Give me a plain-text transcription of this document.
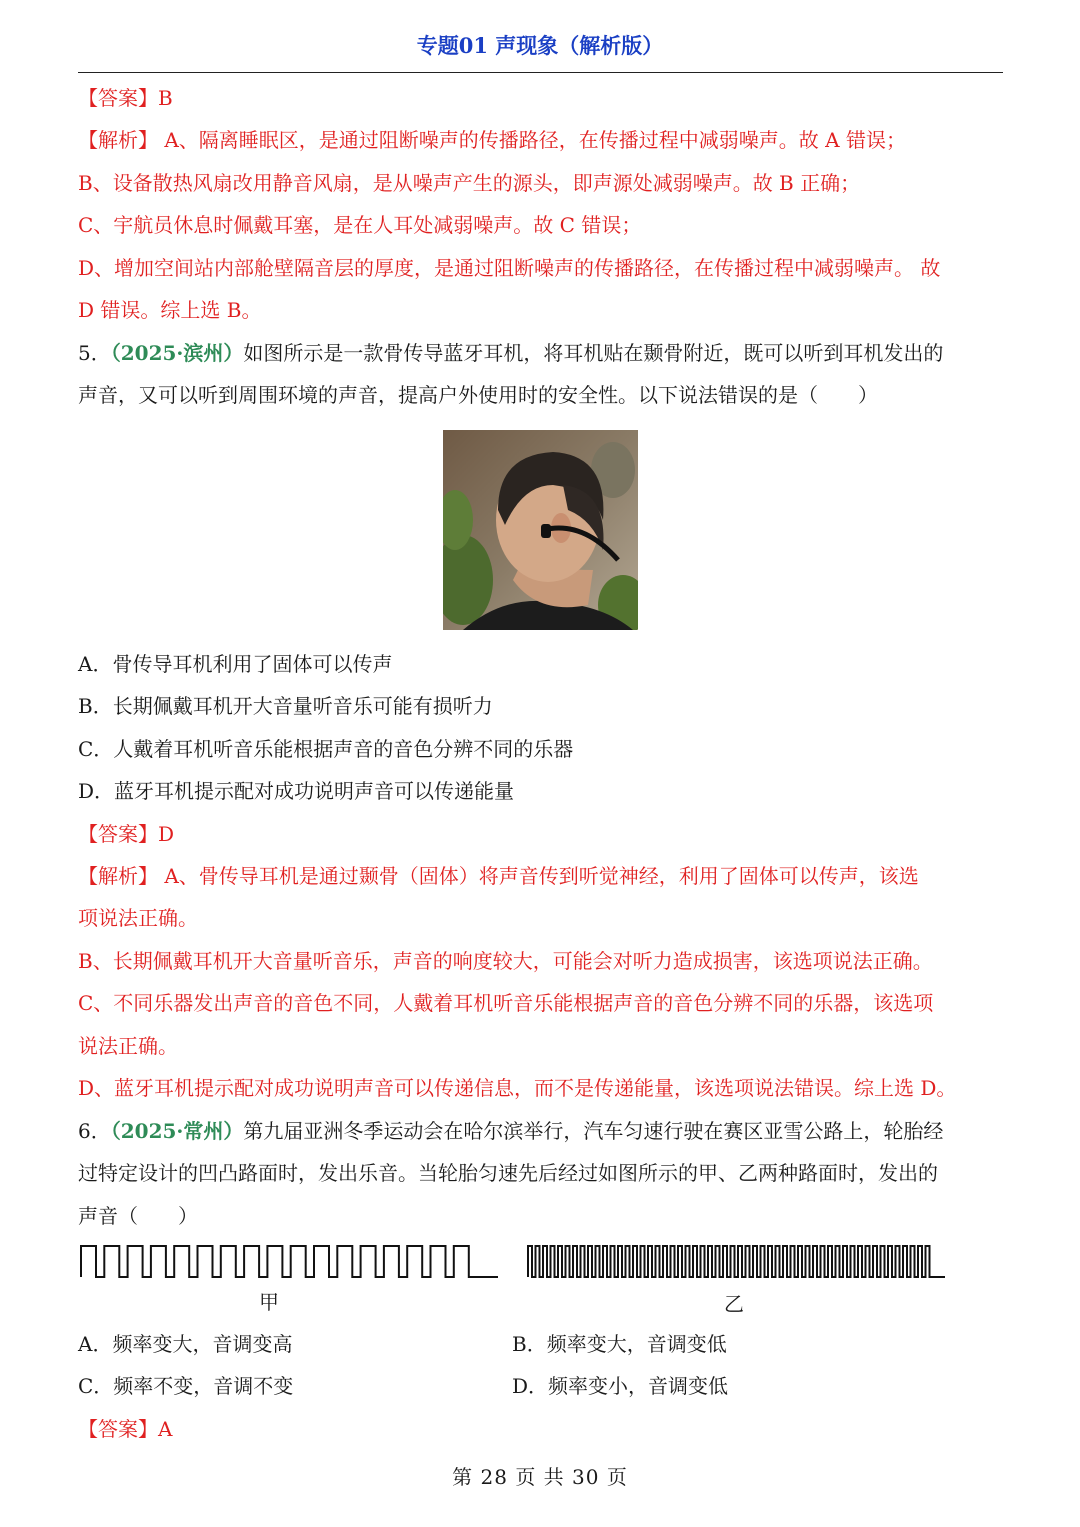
专题01 声现象（解析版）
【答案】B
【解析】 A、隔离睡眠区，是通过阻断噪声的传播路径，在传播过程中减弱噪声。故 A 错误；
B、设备散热风扇改用静音风扇，是从噪声产生的源头，即声源处减弱噪声。故 B 正确；
C、宇航员休息时佩戴耳塞，是在人耳处减弱噪声。故 C 错误；
D、增加空间站内部舱壁隔音层的厚度，是通过阻断噪声的传播路径，在传播过程中减弱噪声。 故
D 错误。综上选 B。
5．（2025·滨州）如图所示是一款骨传导蓝牙耳机，将耳机贴在颞骨附近，既可以听到耳机发出的
声音，又可以听到周围环境的声音，提高户外使用时的安全性。以下说法错误的是（　　）
A．骨传导耳机利用了固体可以传声
B．长期佩戴耳机开大音量听音乐可能有损听力
C．人戴着耳机听音乐能根据声音的音色分辨不同的乐器
D．蓝牙耳机提示配对成功说明声音可以传递能量
【答案】D
【解析】 A、骨传导耳机是通过颞骨（固体）将声音传到听觉神经，利用了固体可以传声，该选
项说法正确。
B、长期佩戴耳机开大音量听音乐，声音的响度较大，可能会对听力造成损害，该选项说法正确。
C、不同乐器发出声音的音色不同，人戴着耳机听音乐能根据声音的音色分辨不同的乐器，该选项
说法正确。
D、蓝牙耳机提示配对成功说明声音可以传递信息，而不是传递能量，该选项说法错误。综上选 D。
6．（2025·常州）第九届亚洲冬季运动会在哈尔滨举行，汽车匀速行驶在赛区亚雪公路上，轮胎经
过特定设计的凹凸路面时，发出乐音。当轮胎匀速先后经过如图所示的甲、乙两种路面时，发出的
声音（　　）
甲	乙
A．频率变大，音调变高	B．频率变大，音调变低
C．频率不变，音调不变	D．频率变小，音调变低
【答案】A
第 28 页 共 30 页
